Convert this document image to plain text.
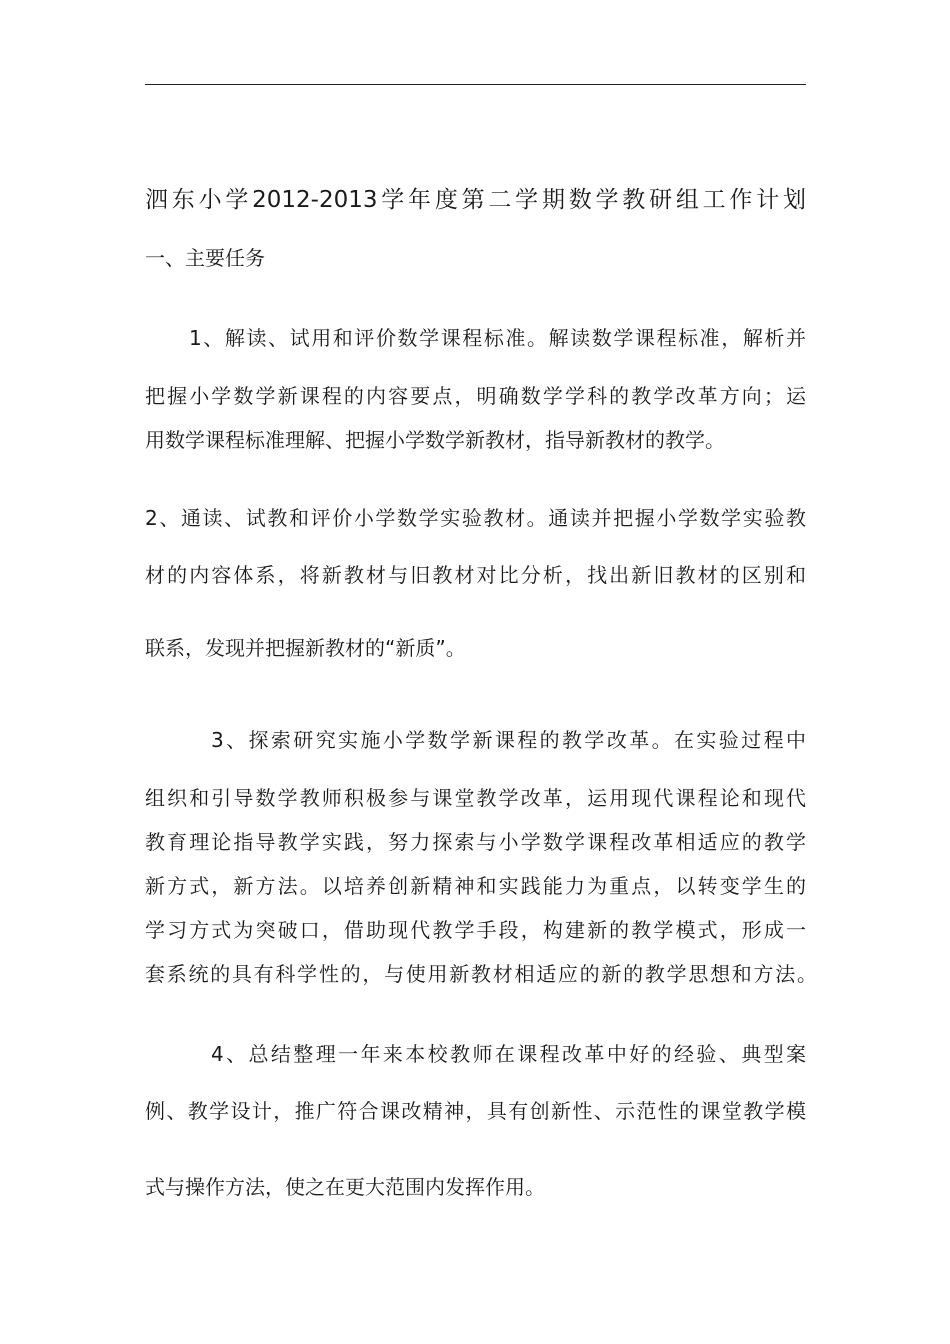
泗东小学2012-2013学年度第二学期数学教研组工作计划
一、主要任务
1、解读、试用和评价数学课程标准。解读数学课程标准，解析并
把握小学数学新课程的内容要点，明确数学学科的教学改革方向；运
用数学课程标准理解、把握小学数学新教材，指导新教材的教学。
2、通读、试教和评价小学数学实验教材。通读并把握小学数学实验教
材的内容体系，将新教材与旧教材对比分析，找出新旧教材的区别和
联系，发现并把握新教材的“新质”。
3、探索研究实施小学数学新课程的教学改革。在实验过程中
组织和引导数学教师积极参与课堂教学改革，运用现代课程论和现代
教育理论指导教学实践，努力探索与小学数学课程改革相适应的教学
新方式，新方法。以培养创新精神和实践能力为重点，以转变学生的
学习方式为突破口，借助现代教学手段，构建新的教学模式，形成一
套系统的具有科学性的，与使用新教材相适应的新的教学思想和方法。
4、总结整理一年来本校教师在课程改革中好的经验、典型案
例、教学设计，推广符合课改精神，具有创新性、示范性的课堂教学模
式与操作方法，使之在更大范围内发挥作用。
